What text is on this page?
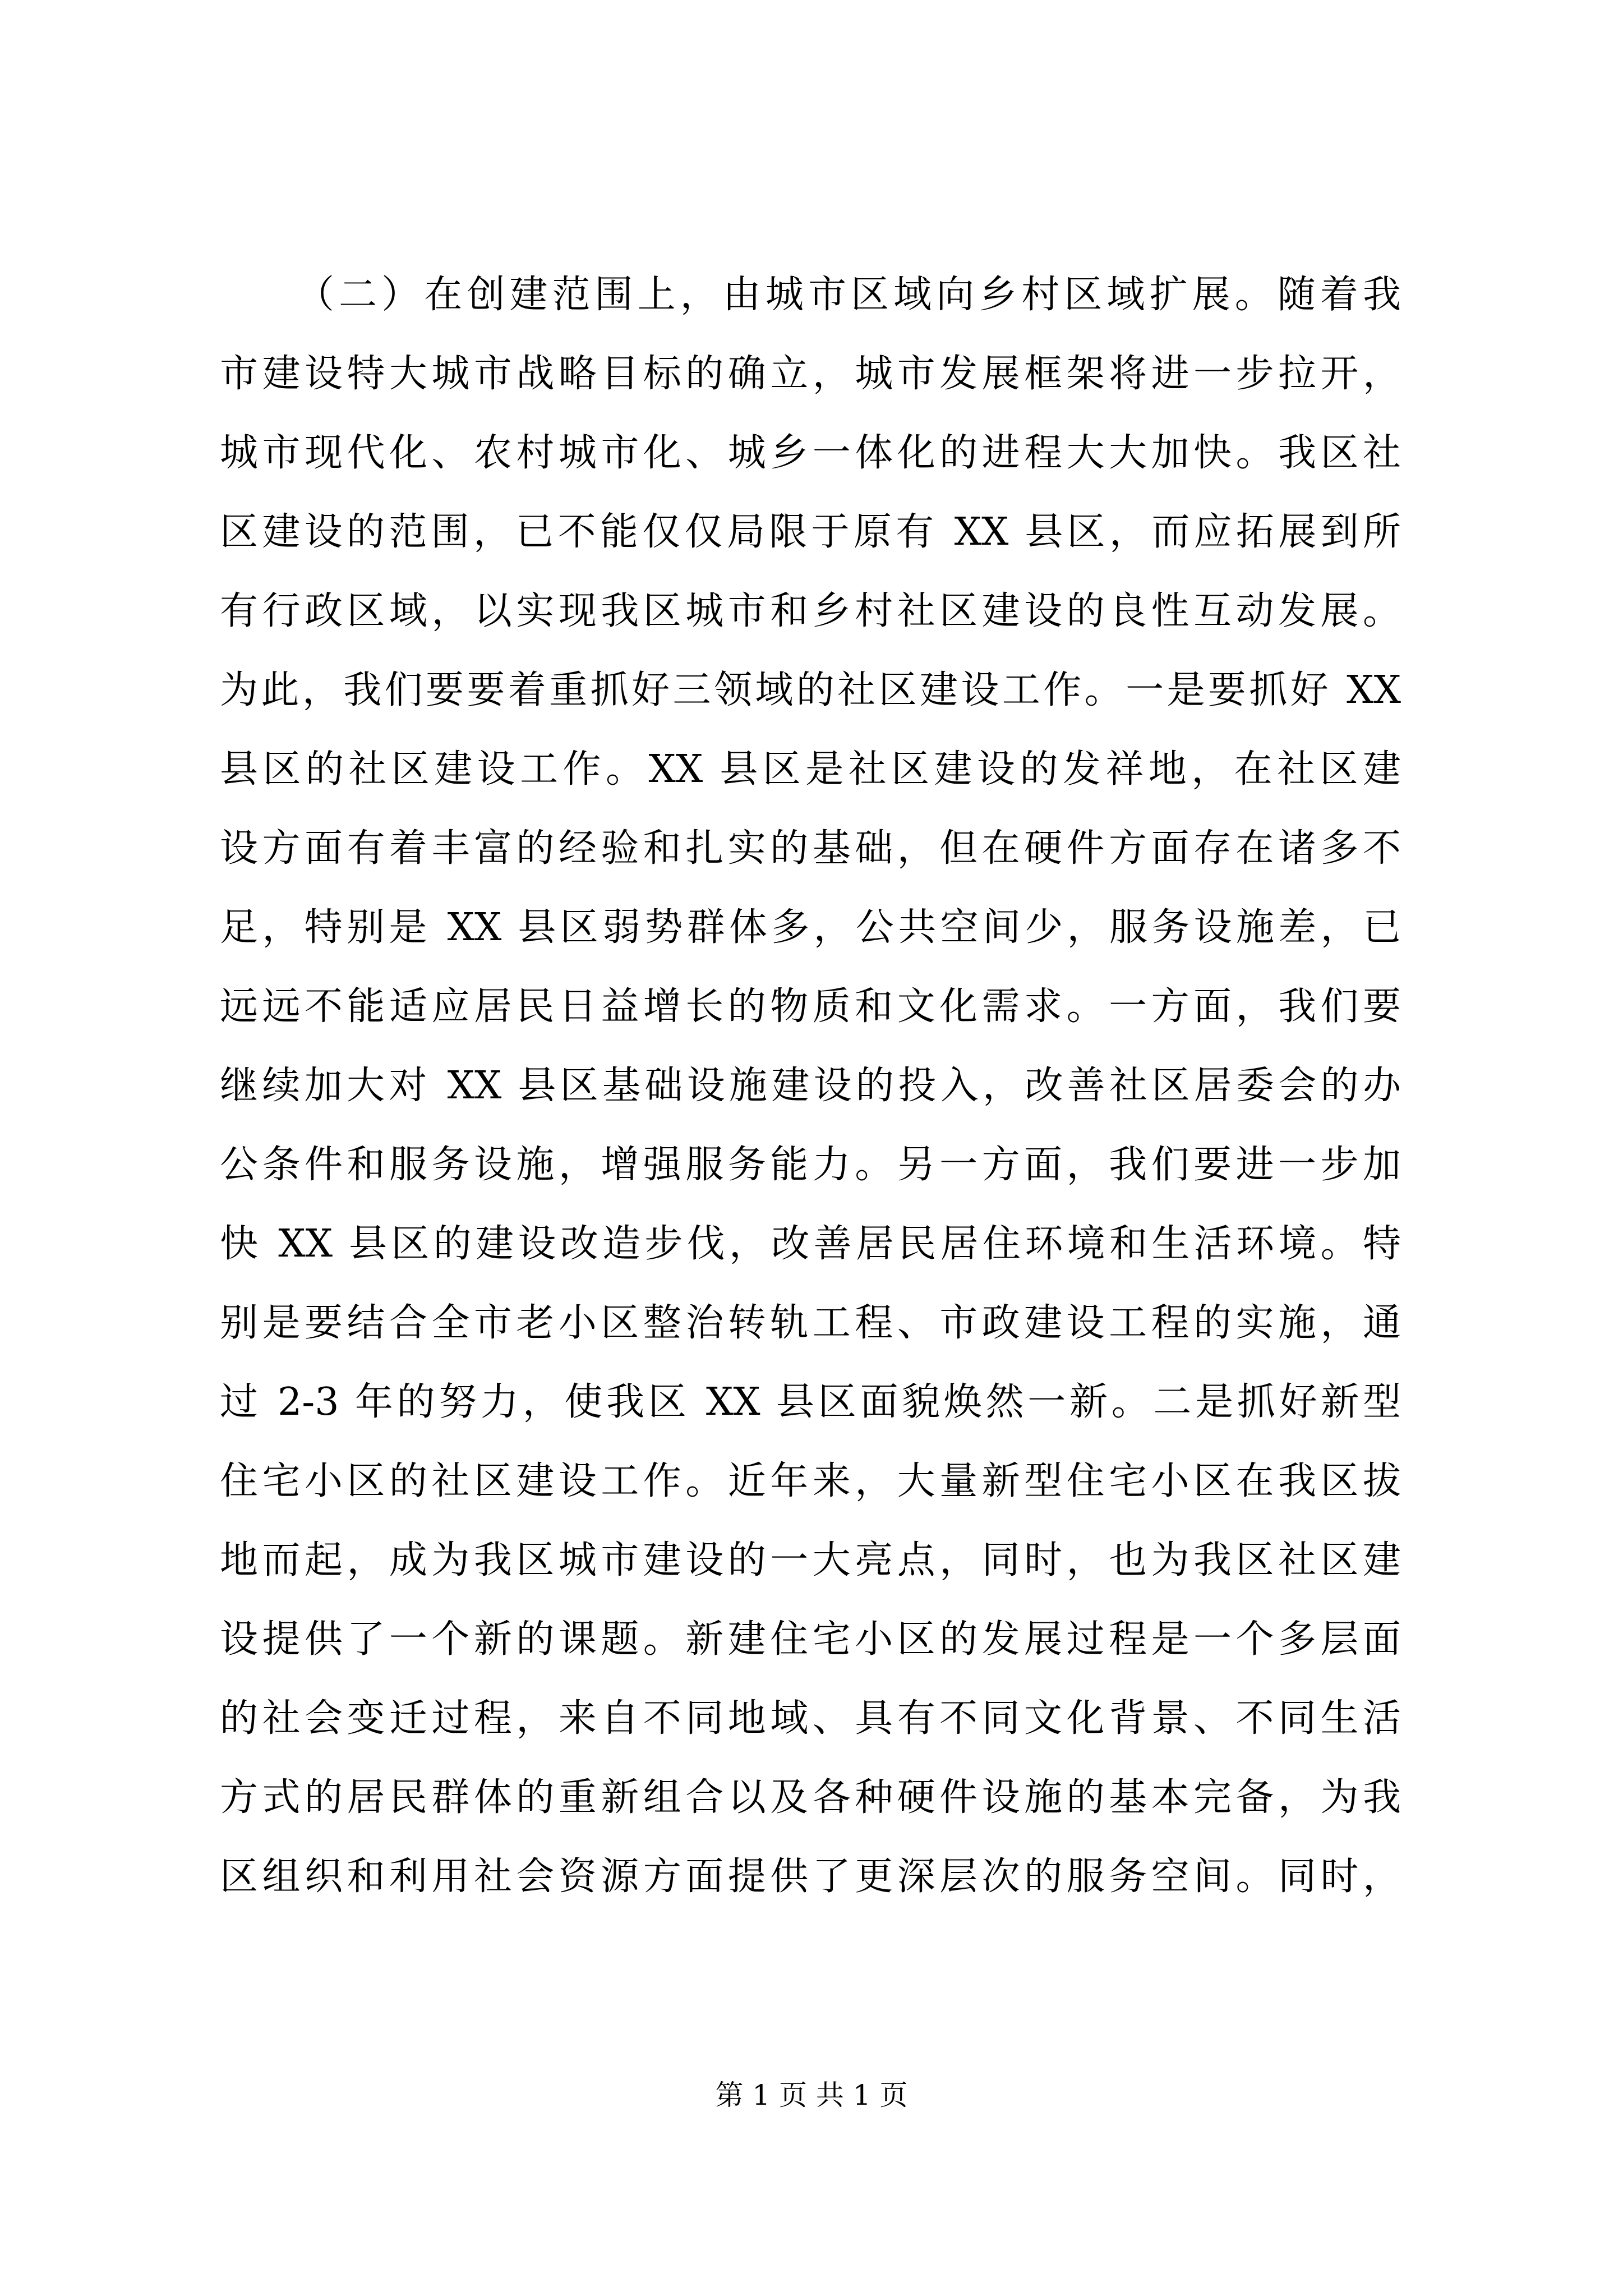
（二）在创建范围上，由城市区域向乡村区域扩展。随着我
市建设特大城市战略目标的确立，城市发展框架将进一步拉开，
城市现代化、农村城市化、城乡一体化的进程大大加快。我区社
区建设的范围，已不能仅仅局限于原有 XX 县区，而应拓展到所
有行政区域，以实现我区城市和乡村社区建设的良性互动发展。
为此，我们要要着重抓好三领域的社区建设工作。一是要抓好 XX
县区的社区建设工作。XX 县区是社区建设的发祥地，在社区建
设方面有着丰富的经验和扎实的基础，但在硬件方面存在诸多不
足，特别是 XX 县区弱势群体多，公共空间少，服务设施差，已
远远不能适应居民日益增长的物质和文化需求。一方面，我们要
继续加大对 XX 县区基础设施建设的投入，改善社区居委会的办
公条件和服务设施，增强服务能力。另一方面，我们要进一步加
快 XX 县区的建设改造步伐，改善居民居住环境和生活环境。特
别是要结合全市老小区整治转轨工程、市政建设工程的实施，通
过 2-3 年的努力，使我区 XX 县区面貌焕然一新。二是抓好新型
住宅小区的社区建设工作。近年来，大量新型住宅小区在我区拔
地而起，成为我区城市建设的一大亮点，同时，也为我区社区建
设提供了一个新的课题。新建住宅小区的发展过程是一个多层面
的社会变迁过程，来自不同地域、具有不同文化背景、不同生活
方式的居民群体的重新组合以及各种硬件设施的基本完备，为我
区组织和利用社会资源方面提供了更深层次的服务空间。同时，
第 1 页 共 1 页
